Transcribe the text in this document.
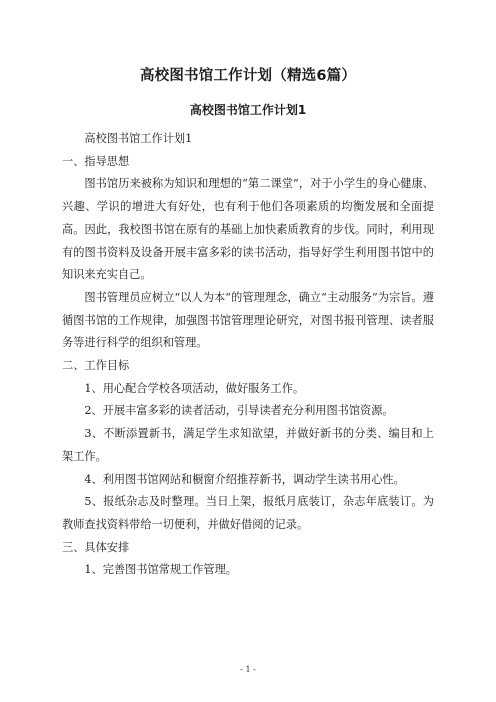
高校图书馆工作计划（精选6篇）
高校图书馆工作计划1

高校图书馆工作计划1

一、指导思想

图书馆历来被称为知识和理想的“第二课堂”，对于小学生的身心健康、兴趣、学识的增进大有好处，也有利于他们各项素质的均衡发展和全面提高。因此，我校图书馆在原有的基础上加快素质教育的步伐。同时，利用现有的图书资料及设备开展丰富多彩的读书活动，指导好学生利用图书馆中的知识来充实自己。

图书管理员应树立“以人为本“的管理理念，确立“主动服务”为宗旨。遵循图书馆的工作规律，加强图书馆管理理论研究，对图书报刊管理、读者服务等进行科学的组织和管理。

二、工作目标

1、用心配合学校各项活动，做好服务工作。

2、开展丰富多彩的读者活动，引导读者充分利用图书馆资源。

3、不断添置新书，满足学生求知欲望，并做好新书的分类、编目和上架工作。

4、利用图书馆网站和橱窗介绍推荐新书，调动学生读书用心性。

5、报纸杂志及时整理。当日上架，报纸月底装订，杂志年底装订。为教师查找资料带给一切便利，并做好借阅的记录。

三、具体安排

1、完善图书馆常规工作管理。

- 1 -
